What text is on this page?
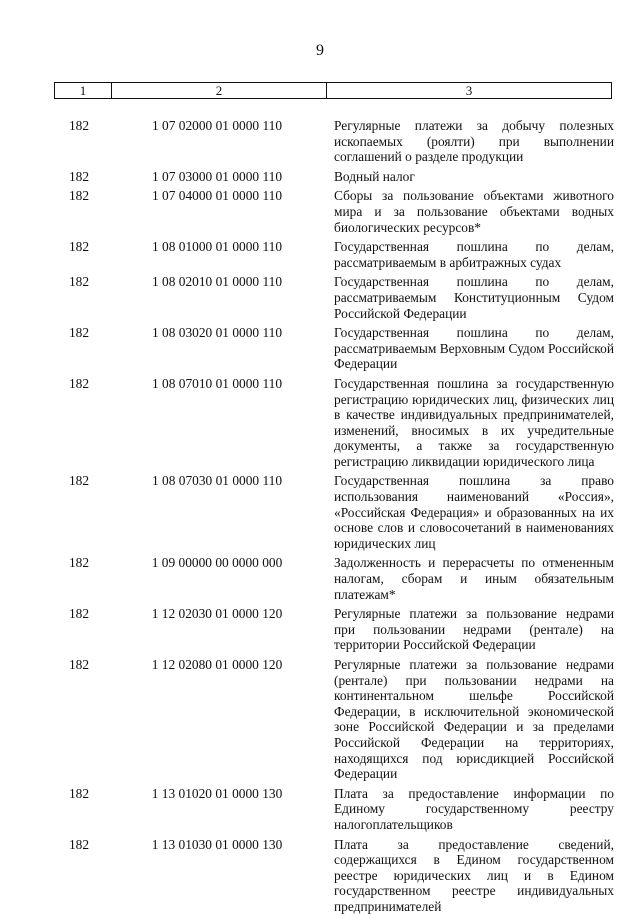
9
1	2	3
182	1 07 02000 01 0000 110	Регулярные платежи за добычу полезных ископаемых (роялти) при выполнении соглашений о разделе продукции
182	1 07 03000 01 0000 110	Водный налог
182	1 07 04000 01 0000 110	Сборы за пользование объектами животного мира и за пользование объектами водных биологических ресурсов*
182	1 08 01000 01 0000 110	Государственная пошлина по делам, рассматриваемым в арбитражных судах
182	1 08 02010 01 0000 110	Государственная пошлина по делам, рассматриваемым Конституционным Судом Российской Федерации
182	1 08 03020 01 0000 110	Государственная пошлина по делам, рассматриваемым Верховным Судом Российской Федерации
182	1 08 07010 01 0000 110	Государственная пошлина за государственную регистрацию юридических лиц, физических лиц в качестве индивидуальных предпринимателей, изменений, вносимых в их учредительные документы, а также за государственную регистрацию ликвидации юридического лица
182	1 08 07030 01 0000 110	Государственная пошлина за право использования наименований «Россия», «Российская Федерация» и образованных на их основе слов и словосочетаний в наименованиях юридических лиц
182	1 09 00000 00 0000 000	Задолженность и перерасчеты по отмененным налогам, сборам и иным обязательным платежам*
182	1 12 02030 01 0000 120	Регулярные платежи за пользование недрами при пользовании недрами (рентале) на территории Российской Федерации
182	1 12 02080 01 0000 120	Регулярные платежи за пользование недрами (рентале) при пользовании недрами на континентальном шельфе Российской Федерации, в исключительной экономической зоне Российской Федерации и за пределами Российской Федерации на территориях, находящихся под юрисдикцией Российской Федерации
182	1 13 01020 01 0000 130	Плата за предоставление информации по Единому государственному реестру налогоплательщиков
182	1 13 01030 01 0000 130	Плата за предоставление сведений, содержащихся в Едином государственном реестре юридических лиц и в Едином государственном реестре индивидуальных предпринимателей
